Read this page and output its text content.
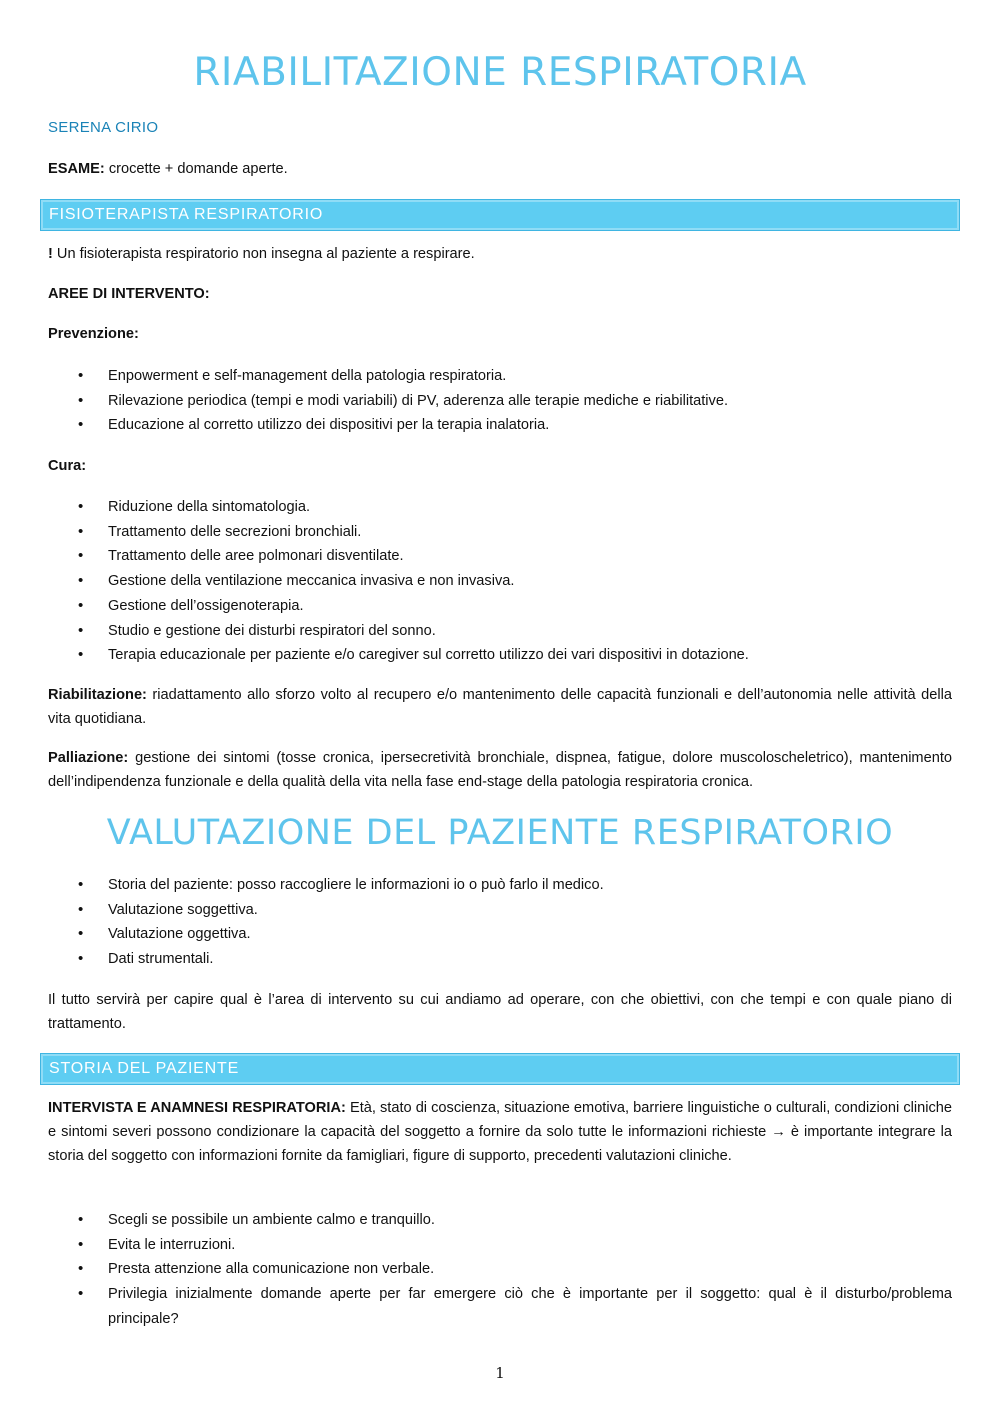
RIABILITAZIONE RESPIRATORIA
SERENA CIRIO

ESAME: crocette + domande aperte.

FISIOTERAPISTA RESPIRATORIO

! Un fisioterapista respiratorio non insegna al paziente a respirare.

AREE DI INTERVENTO:

Prevenzione:

• Enpowerment e self-management della patologia respiratoria.
• Rilevazione periodica (tempi e modi variabili) di PV, aderenza alle terapie mediche e riabilitative.
• Educazione al corretto utilizzo dei dispositivi per la terapia inalatoria.

Cura:

• Riduzione della sintomatologia.
• Trattamento delle secrezioni bronchiali.
• Trattamento delle aree polmonari disventilate.
• Gestione della ventilazione meccanica invasiva e non invasiva.
• Gestione dell’ossigenoterapia.
• Studio e gestione dei disturbi respiratori del sonno.
• Terapia educazionale per paziente e/o caregiver sul corretto utilizzo dei vari dispositivi in dotazione.

Riabilitazione: riadattamento allo sforzo volto al recupero e/o mantenimento delle capacità funzionali e dell’autonomia nelle attività della vita quotidiana.

Palliazione: gestione dei sintomi (tosse cronica, ipersecretività bronchiale, dispnea, fatigue, dolore muscoloscheletrico), mantenimento dell’indipendenza funzionale e della qualità della vita nella fase end-stage della patologia respiratoria cronica.

VALUTAZIONE DEL PAZIENTE RESPIRATORIO
• Storia del paziente: posso raccogliere le informazioni io o può farlo il medico.
• Valutazione soggettiva.
• Valutazione oggettiva.
• Dati strumentali.

Il tutto servirà per capire qual è l’area di intervento su cui andiamo ad operare, con che obiettivi, con che tempi e con quale piano di trattamento.

STORIA DEL PAZIENTE

INTERVISTA E ANAMNESI RESPIRATORIA: Età, stato di coscienza, situazione emotiva, barriere linguistiche o culturali, condizioni cliniche e sintomi severi possono condizionare la capacità del soggetto a fornire da solo tutte le informazioni richieste → è importante integrare la storia del soggetto con informazioni fornite da famigliari, figure di supporto, precedenti valutazioni cliniche.

• Scegli se possibile un ambiente calmo e tranquillo.
• Evita le interruzioni.
• Presta attenzione alla comunicazione non verbale.
• Privilegia inizialmente domande aperte per far emergere ciò che è importante per il soggetto: qual è il disturbo/problema principale?
1
